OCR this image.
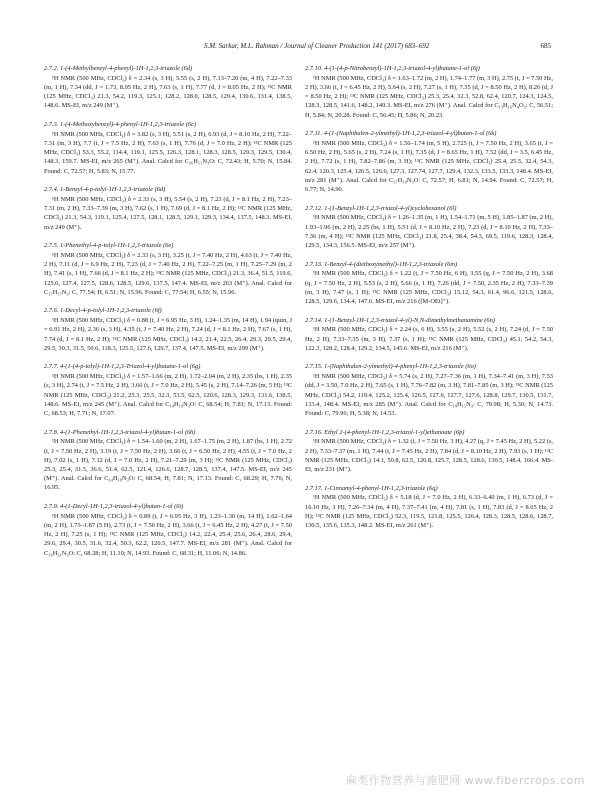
S.M. Sarkar, M.L. Rahman / Journal of Cleaner Production 141 (2017) 683–692	685
2.7.2. 1-(4-Methylbenzyl-4-phenyl)-1H-1,2,3-triazole (6d)
¹H NMR (500 MHz, CDCl₃) δ = 2.34 (s, 3 H), 5.55 (s, 2 H), 7.13–7.20 (m, 4 H), 7.22–7.33 (m, 1 H), 7.34 (dd, J = 1.73, 8.05 Hz, 2 H), 7.63 (s, 1 H), 7.77 (d, J = 8.05 Hz, 2 H); ¹³C NMR (125 MHz, CDCl₃) 21.3, 54.2, 119.3, 125.1, 128.2, 128.0, 128.5, 129.4, 130.6, 131.4, 138.5, 148.6. MS-EI, m/z 249 (M⁺).
2.7.3. 1-(4-Methoxybenzyl)-4-phenyl-1H-1,2,3-triazole (6c)
¹H NMR (500 MHz, CDCl₃) δ = 3.82 (s, 3 H), 5.51 (s, 2 H), 6.93 (d, J = 8.10 Hz, 2 H), 7.22–7.31 (m, 3 H), 7.7 (t, J = 7.5 Hz, 2 H), 7.63 (s, 1 H), 7.76 (d, J = 7.0 Hz, 2 H); ¹³C NMR (125 MHz, CDCl₃) 53.3, 55.2, 114.4, 119.1, 125.5, 126.3, 128.1, 128.3, 128.5, 129.3, 129.5, 130.4, 148.3, 159.7. MS-EI, m/z 265 (M⁺). Anal. Calcd for C₁₆H₁₅N₃O: C, 72.43; H, 5.70; N, 15.84. Found: C, 72.57; H, 5.83; N, 15.77.
2.7.4. 1-Benzyl-4-p-tolyl-1H-1,2,3-triazole (6d)
¹H NMR (500 MHz, CDCl₃) δ = 2.33 (s, 3 H), 5.54 (s, 2 H), 7.23 (d, J = 8.1 Hz, 2 H), 7.23–7.31 (m, 2 H), 7.33–7.39 (m, 3 H), 7.62 (s, 1 H), 7.69 (d, J = 8.1 Hz, 2 H); ¹³C NMR (125 MHz, CDCl₃) 21.3, 54.3, 119.1, 125.4, 127.5, 128.1, 128.5, 129.1, 129.3, 134.4, 137.5, 148.3. MS-EI, m/z 249 (M⁺).
2.7.5. 1-Phenethyl-4-p-tolyl-1H-1,2,3-triazole (6e)
¹H NMR (500 MHz, CDCl₃) δ = 2.33 (s, 3 H), 3.25 (t, J = 7.40 Hz, 2 H), 4.63 (t, J = 7.40 Hz, 2 H), 7.11 (d, J = 6.9 Hz, 2 H), 7.23 (d, J = 7.40 Hz, 2 H), 7.22–7.25 (m, 1 H), 7.25–7.29 (m, 2 H), 7.41 (s, 1 H), 7.66 (d, J = 8.1 Hz, 2 H); ¹³C NMR (125 MHz, CDCl₃) 21.3, 36.4, 51.5, 119.6, 125.6, 127.4, 127.5, 128.6, 128.5, 129.6, 137.5, 147.4. MS-EI, m/z 263 (M⁺). Anal. Calcd for C₁₇H₁₇N₃: C, 77.54; H, 6.51; N, 15.96. Found: C, 77.54; H, 6.55; N, 15.96.
2.7.6. 1-Decyl-4-p-tolyl-1H-1,2,3-triazole (6f)
¹H NMR (500 MHz, CDCl₃) δ = 0.88 (t, J = 6.95 Hz, 3 H), 1.24–1.35 (m, 14 H), 1.94 (quin, J = 6.91 Hz, 2 H), 2.36 (s, 3 H), 4.35 (t, J = 7.40 Hz, 2 H), 7.24 (d, J = 8.1 Hz, 2 H), 7.67 (s, 1 H), 7.74 (d, J = 8.1 Hz, 2 H); ¹³C NMR (125 MHz, CDCl₃) 14.2, 21.4, 22.5, 26.4, 29.3, 29.5, 29.4, 29.5, 30.3, 31.5, 50.6, 118.3, 125.5, 127.6, 129.7, 137.4, 147.5. MS-EI, m/z 299 (M⁺).
2.7.7. 4-(1-(4-p-tolyl)-1H-1,2,3-Triazol-4-yl)butane-1-ol (6g)
¹H NMR (500 MHz, CDCl₃) δ = 1.57–1.66 (m, 2 H), 1.72–2.04 (m, 2 H), 2.35 (bs, 1 H), 2.35 (s, 3 H), 2.74 (t, J = 7.5 Hz, 2 H), 3.66 (t, J = 7.0 Hz, 2 H), 5.45 (s, 2 H), 7.14–7.26 (m, 5 H); ¹³C NMR (125 MHz, CDCl₃) 21.2, 25.3, 25.5, 32.3, 53.5, 62.5, 120.6, 128.3, 129.3, 131.6, 138.5, 148.6. MS-EI, m/z 245 (M⁺). Anal. Calcd for C₁₄H₁₉N₃O: C, 68.54; H, 7.81; N, 17.13. Found: C, 68.53; H, 7.71; N, 17.07.
2.7.8. 4-(1-Phenethyl-1H-1,2,3-triazol-4-yl)butan-1-ol (6h)
¹H NMR (500 MHz, CDCl₃) δ = 1.54–1.60 (m, 2 H), 1.67–1.75 (m, 2 H), 1.87 (bs, 1 H), 2.72 (t, J = 7.50 Hz, 2 H), 3.19 (t, J = 7.50 Hz, 2 H), 3.66 (t, J = 6.50 Hz, 2 H), 4.55 (t, J = 7.0 Hz, 2 H), 7.02 (s, 1 H), 7.12 (d, J = 7.0 Hz, 2 H), 7.21–7.29 (m, 3 H); ¹³C NMR (125 MHz, CDCl₃) 25.3, 25.4, 31.5, 36.6, 51.4, 62.5, 121.4, 126.6, 128.7, 128.5, 137.4, 147.5. MS-EI, m/z 245 (M⁺). Anal. Calcd for C₁₄H₁₉N₃O: C, 68.54; H, 7.81; N, 17.13. Found: C, 68.29; H, 7.76; N, 16.95.
2.7.9. 4-(1-Decyl-1H-1,2,3-triazol-4-yl)butan-1-ol (6i)
¹H NMR (500 MHz, CDCl₃) δ = 0.89 (t, J = 6.95 Hz, 3 H), 1.23–1.30 (m, 14 H), 1.62–1.64 (m, 2 H), 1.73–1.87 (5 H), 2.73 (t, J = 7.50 Hz, 2 H), 3.66 (t, J = 6.45 Hz, 2 H), 4.27 (t, J = 7.50 Hz, 2 H), 7.25 (s, 1 H); ¹³C NMR (125 MHz, CDCl₃) 14.2, 22.4, 25.4, 25.6, 26.4, 28.6, 29.4, 29.6, 29.4, 30.5, 31.6, 32.4, 50.3, 62.2, 120.5, 147.7. MS-EI, m/z 281 (M⁺). Anal. Calcd for C₁₆H₃₁N₃O: C, 68.28; H, 11.10; N, 14.93. Found: C, 68.31; H, 11.06; N, 14.86.
2.7.10. 4-(1-(4-p-Nitrobenzyl)-1H-1,2,3-triazol-4-yl)butane-1-ol (6j)
¹H NMR (500 MHz, CDCl₃) δ = 1.63–1.72 (m, 2 H), 1.74–1.77 (m, 3 H), 2.75 (t, J = 7.50 Hz, 2 H), 3.66 (t, J = 6.45 Hz, 2 H), 5.64 (s, 2 H), 7.27 (s, 1 H), 7.35 (d, J = 8.50 Hz, 2 H), 8.26 (d, J = 8.50 Hz, 2 H); ¹³C NMR (125 MHz, CDCl₃) 25.3, 25.4, 32.3, 52.8, 62.4, 120.7, 124.3, 124.5, 128.3, 128.5, 141.6, 148.2, 149.3. MS-EI, m/z 276 (M⁺). Anal. Calcd for C₁₃H₁₆N₄O₃: C, 56.51; H, 5.84; N, 20.28. Found: C, 56.45; H, 5.86; N, 20.23.
2.7.11. 4-(1-(Naphthalen-2-ylmethyl)-1H-1,2,3-triazol-4-yl)butan-1-ol (6k)
¹H NMR (500 MHz, CDCl₃) δ = 1.56–1.74 (m, 5 H), 2.725 (t, J = 7.50 Hz, 2 H), 3.65 (t, J = 6.50 Hz, 2 H), 5.65 (s, 2 H), 7.24 (s, 1 H), 7.35 (d, J = 8.65 Hz, 1 H), 7.52 (dd, J = 3.5, 6.45 Hz, 2 H), 7.72 (s, 1 H), 7.82–7.86 (m, 3 H); ¹³C NMR (125 MHz, CDCl₃) 25.4, 25.5, 32.4, 54.3, 62.4, 120.3, 125.4, 126.5, 126.6, 127.3, 127.74, 127.7, 129.4, 132.3, 133.5, 133.3, 148.4. MS-EI, m/z 281 (M⁺). Anal. Calcd for C₁₇H₁₉N₃O: C, 72.57; H, 6.81; N, 14.94. Found: C, 72.57; H, 6.77; N, 14.90.
2.7.12. 1-(1-Benzyl-1H-1,2,3-triazol-4-yl)cyclohexanol (6l)
¹H NMR (500 MHz, CDCl₃) δ = 1.26–1.35 (m, 1 H), 1.54–1.71 (m, 5 H), 1.85–1.87 (m, 2 H), 1.93–1.96 (m, 2 H), 2.25 (bs, 1 H), 5.51 (d, J = 8.10 Hz, 2 H), 7.23 (d, J = 8.10 Hz, 2 H), 7.33–7.36 (m, 4 H); ¹³C NMR (125 MHz, CDCl₃) 21.8, 25.4, 38.4, 54.3, 69.5, 119.6, 128.3, 128.4, 129.5, 134.3, 156.5. MS-EI, m/z 257 (M⁺).
2.7.13. 1-Benzyl-4-(diethoxymethyl)-1H-1,2,3-triazole (6m)
¹H NMR (500 MHz, CDCl₃) δ = 1.22 (t, J = 7.50 Hz, 6 H), 3.55 (q, J = 7.50 Hz, 2 H), 3.68 (q, J = 7.50 Hz, 2 H), 5.53 (s, 2 H), 5.66 (s, 1 H), 7.26 (dd, J = 7.50, 2.35 Hz, 2 H), 7.33–7.39 (m, 3 H), 7.47 (s, 1 H); ¹³C NMR (125 MHz, CDCl₃) 15.12, 54.3, 61.4, 96.6, 121.5, 128.6, 128.5, 129.6, 134.4, 147.6. MS-EI, m/z 216 ([M-OEt]⁺).
2.7.14. 1-(1-Benzyl-1H-1,2,3-triazol-4-yl)-N,N-dimethylmethanamine (6n)
¹H NMR (500 MHz, CDCl₃) δ = 2.24 (s, 6 H), 3.55 (s, 2 H), 5.52 (s, 2 H), 7.24 (d, J = 7.50 Hz, 2 H), 7.33–7.35 (m, 3 H), 7.37 (s, 1 H); ¹³C NMR (125 MHz, CDCl₃) 45.1, 54.2, 54.3, 122.3, 128.2, 128.4, 129.2, 134.5, 145.6. MS-EI, m/z 216 (M⁺).
2.7.15. 1-(Naphthalen-2-ylmethyl)-4-phenyl-1H-1,2,3-triazole (6o)
¹H NMR (500 MHz, CDCl₃) δ = 5.74 (s, 2 H), 7.27–7.36 (m, 1 H), 7.34–7.41 (m, 3 H), 7.53 (dd, J = 3.50, 7.0 Hz, 2 H), 7.65 (s, 1 H), 7.76–7.82 (m, 3 H), 7.81–7.85 (m, 3 H); ¹³C NMR (125 MHz, CDCl₃) 54.2, 119.4, 125.2, 125.4, 126.5, 127.6, 127.7, 127.6, 128.8, 129.7, 130.5, 131.7, 133.4, 148.4. MS-EI, m/z 285 (M⁺). Anal. Calcd for C₁₉H₁₅N₃: C, 79.98; H, 5.30; N, 14.73. Found: C, 79.96; H, 5.38; N, 14.53.
2.7.16. Ethyl 2-(4-phenyl-1H-1,2,3-triazol-1-yl)ethanoate (6p)
¹H NMR (500 MHz, CDCl₃) δ = 1.32 (t, J = 7.50 Hz, 3 H), 4.27 (q, J = 7.45 Hz, 2 H), 5.22 (s, 2 H), 7.33–7.37 (m, 1 H), 7.44 (t, J = 7.45 Hz, 2 H), 7.84 (d, J = 8.10 Hz, 2 H), 7.93 (s, 1 H); ¹³C NMR (125 MHz, CDCl₃) 14.1, 50.8, 62.5, 120.8, 125.7, 128.5, 128.6, 130.5, 148.4, 166.4. MS-EI, m/z 231 (M⁺).
2.7.17. 1-Cinnamyl-4-phenyl-1H-1,2,3-triazole (6q)
¹H NMR (500 MHz, CDCl₃) δ = 5.18 (d, J = 7.0 Hz, 2 H), 6.33–6.40 (m, 1 H), 6.73 (d, J = 16.10 Hz, 1 H), 7.26–7.34 (m, 4 H), 7.37–7.41 (m, 4 H), 7.81 (s, 1 H), 7.83 (d, J = 8.65 Hz, 2 H); ¹³C NMR (125 MHz, CDCl₃) 52.3, 119.5, 121.8, 125.5, 126.4, 128.3, 128.5, 128.6, 128.7, 130.5, 135.6, 135.3, 148.2. MS-EI, m/z 261 (M⁺).
麻类作物营养与施肥网 www.fibercrops.com
